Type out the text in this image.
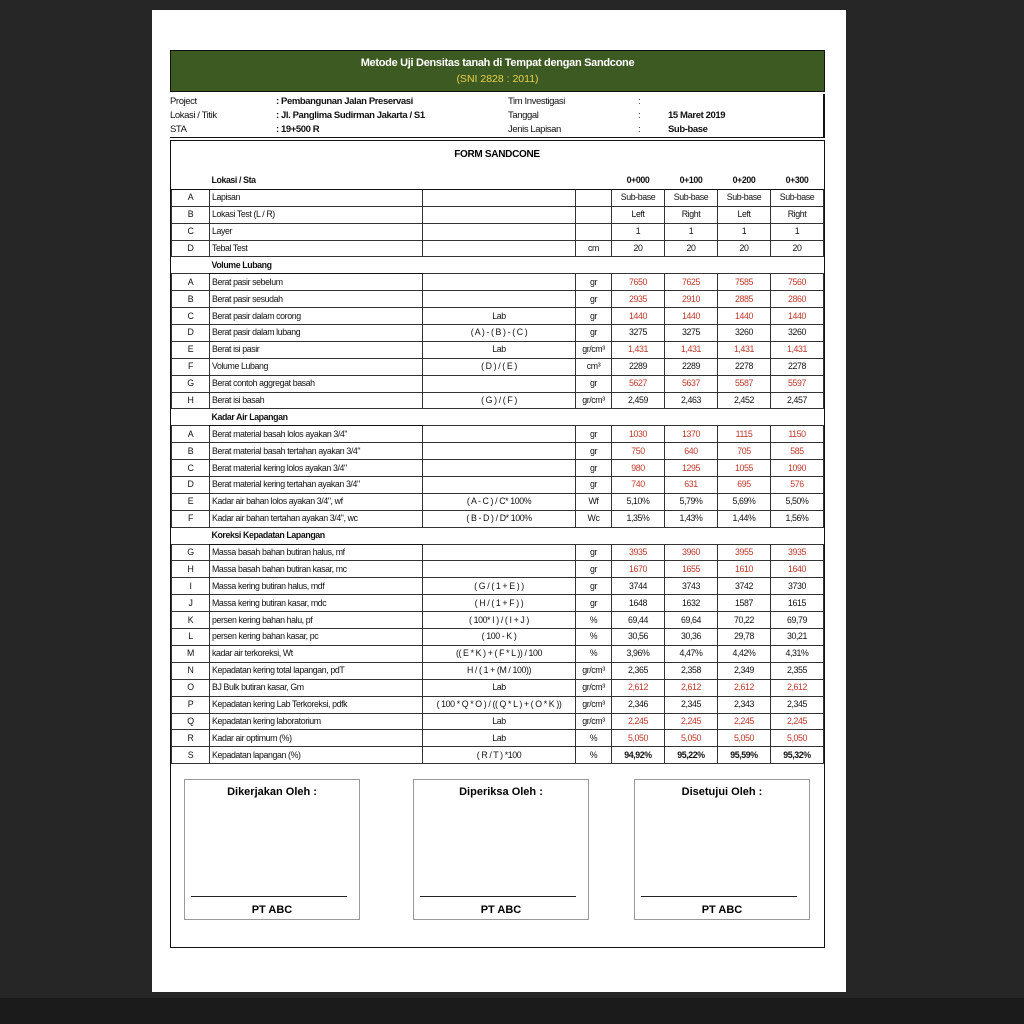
Metode Uji Densitas tanah di Tempat dengan Sandcone
(SNI 2828 : 2011)
Project	: Pembangunan Jalan Preservasi	Tim Investigasi	:
Lokasi / Titik	: Jl. Panglima Sudirman Jakarta / S1	Tanggal	:	15 Maret 2019
STA	: 19+500 R	Jenis Lapisan	:	Sub-base
FORM SANDCONE
	Lokasi / Sta			0+000	0+100	0+200	0+300
A	Lapisan			Sub-base	Sub-base	Sub-base	Sub-base
B	Lokasi Test (L / R)			Left	Right	Left	Right
C	Layer			1	1	1	1
D	Tebal Test		cm	20	20	20	20
	Volume Lubang						
A	Berat pasir sebelum		gr	7650	7625	7585	7560
B	Berat pasir sesudah		gr	2935	2910	2885	2860
C	Berat pasir dalam corong	Lab	gr	1440	1440	1440	1440
D	Berat pasir dalam lubang	( A ) - ( B ) - ( C )	gr	3275	3275	3260	3260
E	Berat isi pasir	Lab	gr/cm³	1,431	1,431	1,431	1,431
F	Volume Lubang	( D ) / ( E )	cm³	2289	2289	2278	2278
G	Berat contoh aggregat basah		gr	5627	5637	5587	5597
H	Berat isi basah	( G ) / ( F )	gr/cm³	2,459	2,463	2,452	2,457
	Kadar Air Lapangan						
A	Berat material basah lolos ayakan 3/4"		gr	1030	1370	1115	1150
B	Berat material basah tertahan ayakan 3/4"		gr	750	640	705	585
C	Berat material kering lolos ayakan 3/4"		gr	980	1295	1055	1090
D	Berat material kering tertahan ayakan 3/4"		gr	740	631	695	576
E	Kadar air bahan lolos ayakan 3/4", wf	( A - C ) / C* 100%	Wf	5,10%	5,79%	5,69%	5,50%
F	Kadar air bahan tertahan ayakan 3/4", wc	( B - D ) / D* 100%	Wc	1,35%	1,43%	1,44%	1,56%
	Koreksi Kepadatan Lapangan						
G	Massa basah bahan butiran halus, mf		gr	3935	3960	3955	3935
H	Massa basah bahan butiran kasar, mc		gr	1670	1655	1610	1640
I	Massa kering butiran halus, mdf	( G / ( 1 + E ) )	gr	3744	3743	3742	3730
J	Massa kering butiran kasar, mdc	( H / ( 1 + F ) )	gr	1648	1632	1587	1615
K	persen kering bahan halu, pf	( 100* I ) / ( I + J )	%	69,44	69,64	70,22	69,79
L	persen kering bahan kasar, pc	( 100 - K )	%	30,56	30,36	29,78	30,21
M	kadar air terkoreksi, Wt	(( E * K ) + ( F * L )) / 100	%	3,96%	4,47%	4,42%	4,31%
N	Kepadatan kering total lapangan, pdT	H / ( 1 + (M / 100))	gr/cm³	2,365	2,358	2,349	2,355
O	BJ Bulk butiran kasar, Gm	Lab	gr/cm³	2,612	2,612	2,612	2,612
P	Kepadatan kering Lab Terkoreksi, pdfk	( 100 * Q * O ) / (( Q * L ) + ( O * K ))	gr/cm³	2,346	2,345	2,343	2,345
Q	Kepadatan kering laboratorium	Lab	gr/cm³	2,245	2,245	2,245	2,245
R	Kadar air optimum (%)	Lab	%	5,050	5,050	5,050	5,050
S	Kepadatan lapangan (%)	( R / T ) *100	%	94,92%	95,22%	95,59%	95,32%
Dikerjakan Oleh :
PT ABC
Diperiksa Oleh :
PT ABC
Disetujui Oleh :
PT ABC
